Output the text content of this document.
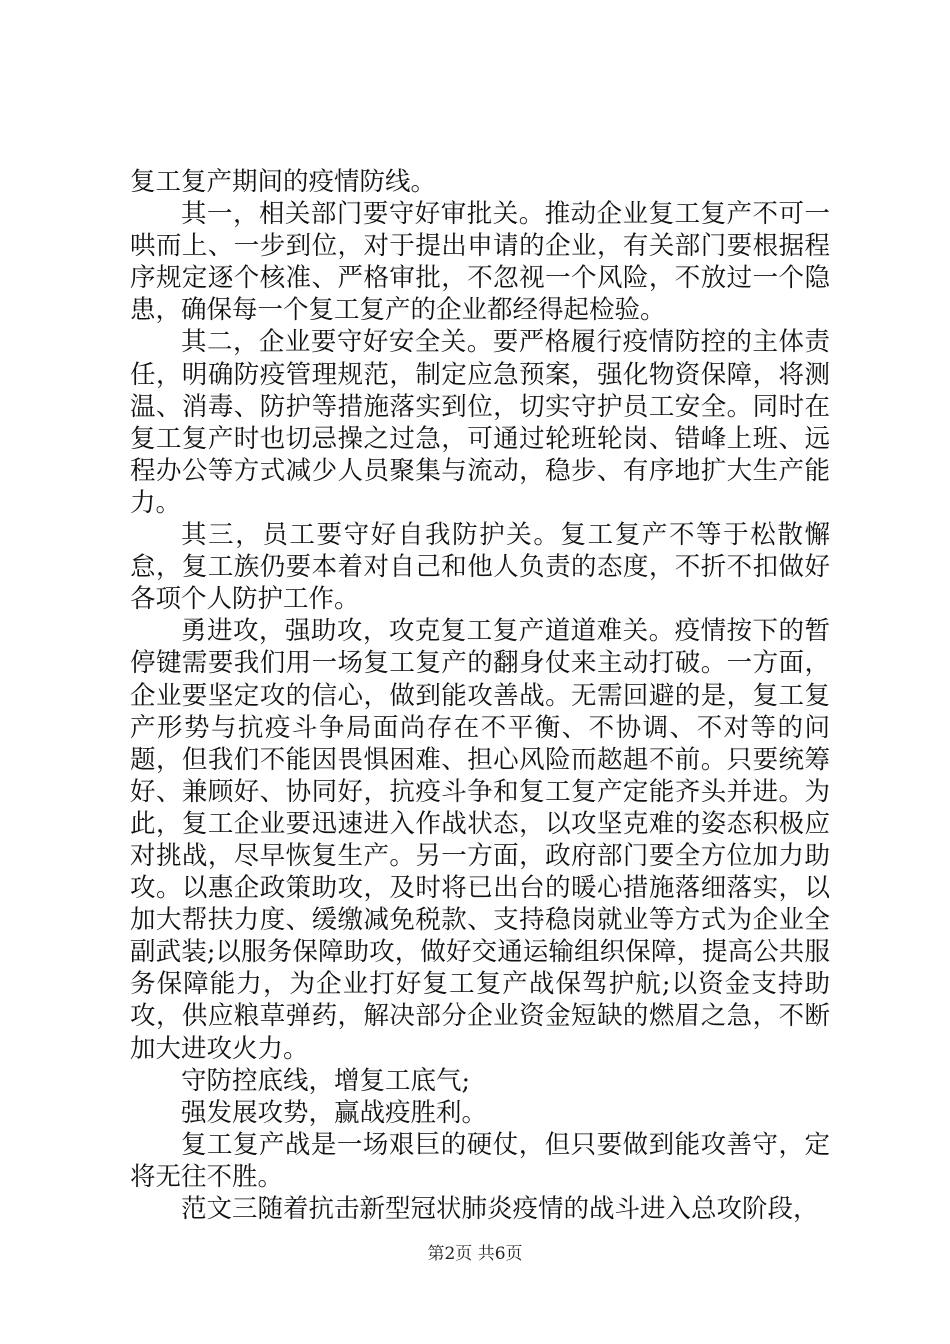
复工复产期间的疫情防线。

其一，相关部门要守好审批关。推动企业复工复产不可一哄而上、一步到位，对于提出申请的企业，有关部门要根据程序规定逐个核准、严格审批，不忽视一个风险，不放过一个隐患，确保每一个复工复产的企业都经得起检验。

其二，企业要守好安全关。要严格履行疫情防控的主体责任，明确防疫管理规范，制定应急预案，强化物资保障，将测温、消毒、防护等措施落实到位，切实守护员工安全。同时在复工复产时也切忌操之过急，可通过轮班轮岗、错峰上班、远程办公等方式减少人员聚集与流动，稳步、有序地扩大生产能力。

其三，员工要守好自我防护关。复工复产不等于松散懈怠，复工族仍要本着对自己和他人负责的态度，不折不扣做好各项个人防护工作。

勇进攻，强助攻，攻克复工复产道道难关。疫情按下的暂停键需要我们用一场复工复产的翻身仗来主动打破。一方面，企业要坚定攻的信心，做到能攻善战。无需回避的是，复工复产形势与抗疫斗争局面尚存在不平衡、不协调、不对等的问题，但我们不能因畏惧困难、担心风险而趑趄不前。只要统筹好、兼顾好、协同好，抗疫斗争和复工复产定能齐头并进。为此，复工企业要迅速进入作战状态，以攻坚克难的姿态积极应对挑战，尽早恢复生产。另一方面，政府部门要全方位加力助攻。以惠企政策助攻，及时将已出台的暖心措施落细落实，以加大帮扶力度、缓缴减免税款、支持稳岗就业等方式为企业全副武装;以服务保障助攻，做好交通运输组织保障，提高公共服务保障能力，为企业打好复工复产战保驾护航;以资金支持助攻，供应粮草弹药，解决部分企业资金短缺的燃眉之急，不断加大进攻火力。

守防控底线，增复工底气;

强发展攻势，赢战疫胜利。

复工复产战是一场艰巨的硬仗，但只要做到能攻善守，定将无往不胜。

范文三随着抗击新型冠状肺炎疫情的战斗进入总攻阶段，

第2页 共6页
